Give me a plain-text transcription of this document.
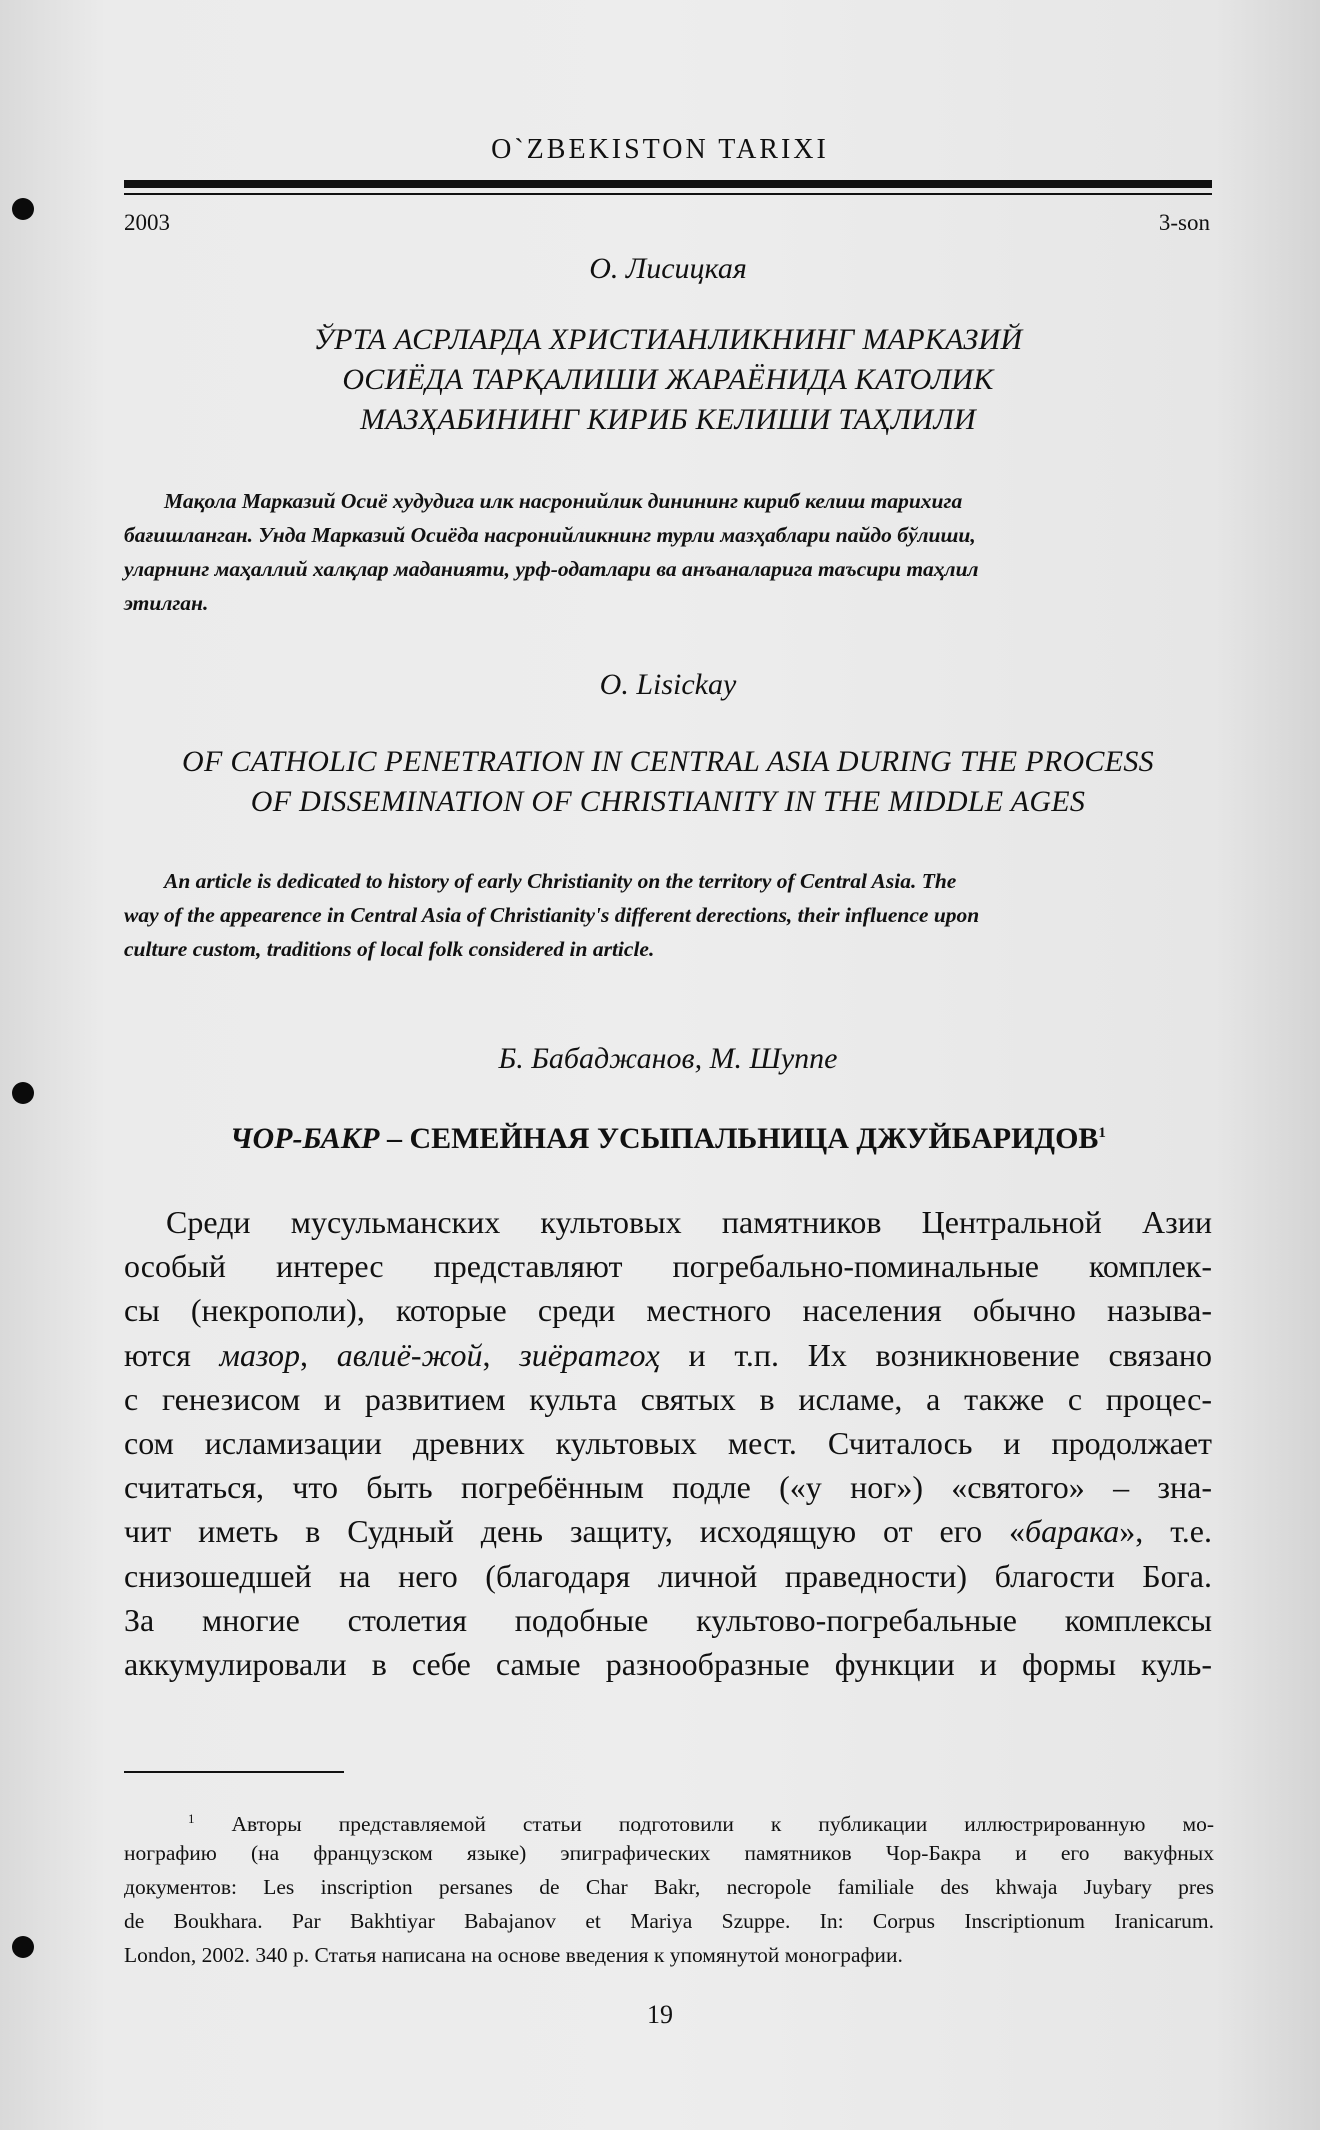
O`ZBEKISTON TARIXI
2003	3-son
О. Лисицкая
ЎРТА АСРЛАРДА ХРИСТИАНЛИКНИНГ МАРКАЗИЙ
ОСИЁДА ТАРҚАЛИШИ ЖАРАЁНИДА КАТОЛИК
МАЗҲАБИНИНГ КИРИБ КЕЛИШИ ТАҲЛИЛИ
Мақола Марказий Осиё худудига илк насронийлик динининг кириб келиш тарихига
бағишланган. Унда Марказий Осиёда насронийликнинг турли мазҳаблари пайдо бўлиши,
уларнинг маҳаллий халқлар маданияти, урф-одатлари ва анъаналарига таъсири таҳлил
этилган.
O. Lisickay
OF CATHOLIC PENETRATION IN CENTRAL ASIA DURING THE PROCESS
OF DISSEMINATION OF CHRISTIANITY IN THE MIDDLE AGES
An article is dedicated to history of early Christianity on the territory of Central Asia. The
way of the appearence in Central Asia of Christianity's different derections, their influence upon
culture custom, traditions of local folk considered in article.
Б. Бабаджанов, М. Шуппе
ЧОР-БАКР – СЕМЕЙНАЯ УСЫПАЛЬНИЦА ДЖУЙБАРИДОВ$^1$
Среди мусульманских культовых памятников Центральной Азии
особый интерес представляют погребально-поминальные комплек-
сы (некрополи), которые среди местного населения обычно называ-
ются мазор, авлиё-жой, зиёратгоҳ и т.п. Их возникновение связано
с генезисом и развитием культа святых в исламе, а также с процес-
сом исламизации древних культовых мест. Считалось и продолжает
считаться, что быть погребённым подле («у ног») «святого» – зна-
чит иметь в Судный день защиту, исходящую от его «барака», т.е.
снизошедшей на него (благодаря личной праведности) благости Бога.
За многие столетия подобные культово-погребальные комплексы
аккумулировали в себе самые разнообразные функции и формы куль-
$^1$ Авторы представляемой статьи подготовили к публикации иллюстрированную мо-
нографию (на французском языке) эпиграфических памятников Чор-Бакра и его вакуфных
документов: Les inscription persanes de Char Bakr, necropole familiale des khwaja Juybary pres
de Boukhara. Par Bakhtiyar Babajanov et Mariya Szuppe. In: Corpus Inscriptionum Iranicarum.
London, 2002. 340 p. Статья написана на основе введения к упомянутой монографии.
19
